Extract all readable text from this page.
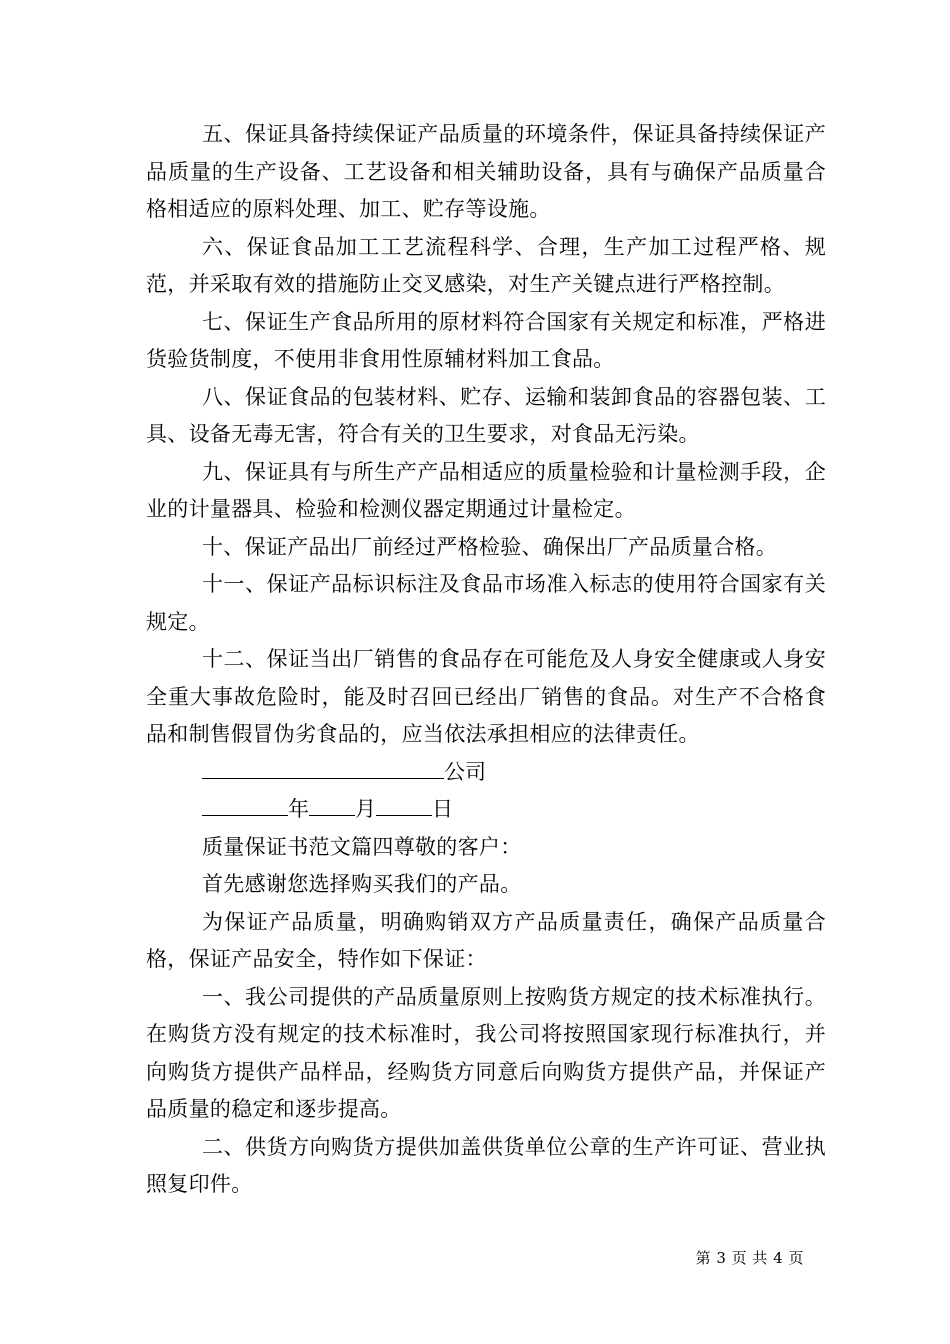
五、保证具备持续保证产品质量的环境条件，保证具备持续保证产品质量的生产设备、工艺设备和相关辅助设备，具有与确保产品质量合格相适应的原料处理、加工、贮存等设施。

六、保证食品加工工艺流程科学、合理，生产加工过程严格、规范，并采取有效的措施防止交叉感染，对生产关键点进行严格控制。

七、保证生产食品所用的原材料符合国家有关规定和标准，严格进货验货制度，不使用非食用性原辅材料加工食品。

八、保证食品的包装材料、贮存、运输和装卸食品的容器包装、工具、设备无毒无害，符合有关的卫生要求，对食品无污染。

九、保证具有与所生产产品相适应的质量检验和计量检测手段，企业的计量器具、检验和检测仪器定期通过计量检定。

十、保证产品出厂前经过严格检验、确保出厂产品质量合格。

十一、保证产品标识标注及食品市场准入标志的使用符合国家有关规定。

十二、保证当出厂销售的食品存在可能危及人身安全健康或人身安全重大事故危险时，能及时召回已经出厂销售的食品。对生产不合格食品和制售假冒伪劣食品的，应当依法承担相应的法律责任。

公司

年 月	日

质量保证书范文篇四尊敬的客户：

首先感谢您选择购买我们的产品。

为保证产品质量，明确购销双方产品质量责任，确保产品质量合格，保证产品安全，特作如下保证：

一、我公司提供的产品质量原则上按购货方规定的技术标准执行。在购货方没有规定的技术标准时，我公司将按照国家现行标准执行，并向购货方提供产品样品，经购货方同意后向购货方提供产品，并保证产品质量的稳定和逐步提高。

二、供货方向购货方提供加盖供货单位公章的生产许可证、营业执照复印件。

第 3 页 共 4 页
